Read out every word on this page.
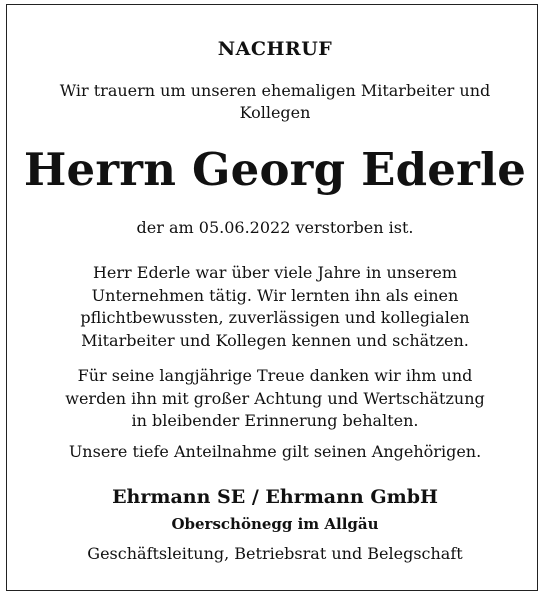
NACHRUF
Wir trauern um unseren ehemaligen Mitarbeiter und
Kollegen
Herrn Georg Ederle
der am 05.06.2022 verstorben ist.
Herr Ederle war über viele Jahre in unserem
Unternehmen tätig. Wir lernten ihn als einen
pflichtbewussten, zuverlässigen und kollegialen
Mitarbeiter und Kollegen kennen und schätzen.
Für seine langjährige Treue danken wir ihm und
werden ihn mit großer Achtung und Wertschätzung
in bleibender Erinnerung behalten.
Unsere tiefe Anteilnahme gilt seinen Angehörigen.
Ehrmann SE / Ehrmann GmbH
Oberschönegg im Allgäu
Geschäftsleitung, Betriebsrat und Belegschaft
